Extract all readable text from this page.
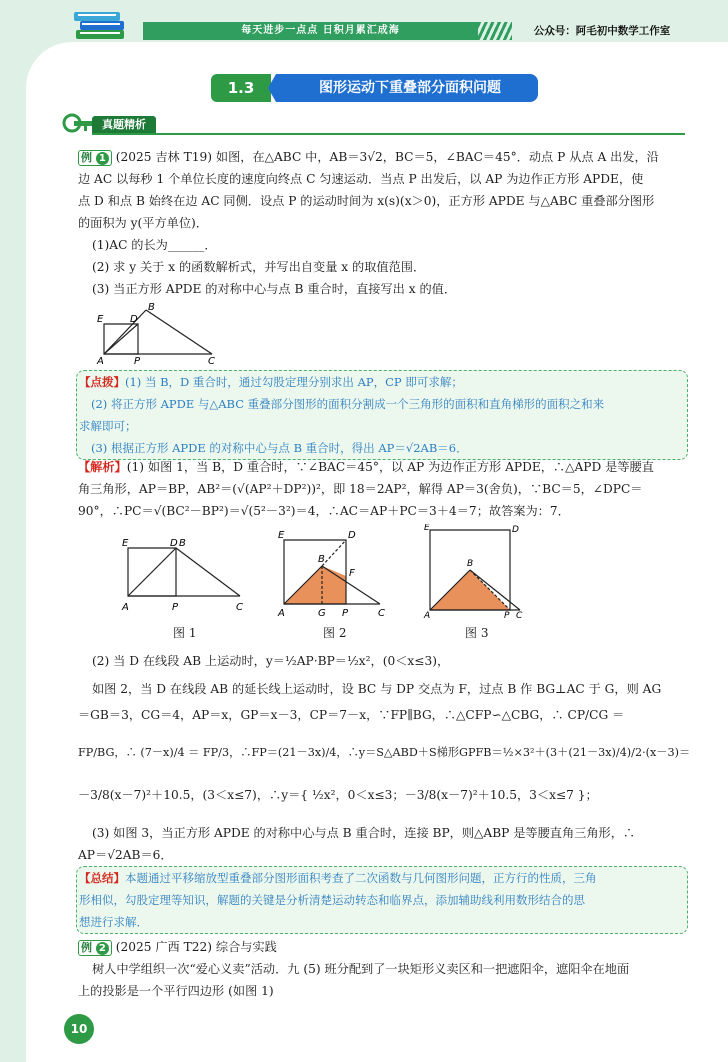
每天进步一点点 日积月累汇成海	公众号：阿毛初中数学工作室
1.3	图形运动下重叠部分面积问题
真题精析
例 1 (2025 吉林 T19) 如图，在△ABC 中，AB＝3√2，BC＝5，∠BAC＝45°．动点 P 从点 A 出发，沿
边 AC 以每秒 1 个单位长度的速度向终点 C 匀速运动．当点 P 出发后，以 AP 为边作正方形 APDE，使
点 D 和点 B 始终在边 AC 同侧．设点 P 的运动时间为 x(s)(x＞0)，正方形 APDE 与△ABC 重叠部分图形
的面积为 y(平方单位)．
(1)AC 的长为______．
(2) 求 y 关于 x 的函数解析式，并写出自变量 x 的取值范围．
(3) 当正方形 APDE 的对称中心与点 B 重合时，直接写出 x 的值．
A	P	C
E	D
B
【点拨】(1) 当 B，D 重合时，通过勾股定理分别求出 AP，CP 即可求解；
(2) 将正方形 APDE 与△ABC 重叠部分图形的面积分割成一个三角形的面积和直角梯形的面积之和来
求解即可；
(3) 根据正方形 APDE 的对称中心与点 B 重合时，得出 AP＝√2AB＝6．
【解析】(1) 如图 1，当 B，D 重合时，∵∠BAC＝45°，以 AP 为边作正方形 APDE，∴△APD 是等腰直
角三角形，AP＝BP，AB²＝(√(AP²＋DP²))²，即 18＝2AP²，解得 AP＝3(舍负)，∵BC＝5，∠DPC＝
90°，∴PC＝√(BC²－BP²)＝√(5²－3²)＝4，∴AC＝AP＋PC＝3＋4＝7；故答案为：7．
A	P	C
E	D B
A	G P	C
E	D
B
F
A	P C
E	D
B
图 1	图 2	图 3
(2) 当 D 在线段 AB 上运动时，y＝½AP·BP＝½x²，(0＜x≤3)，
如图 2，当 D 在线段 AB 的延长线上运动时，设 BC 与 DP 交点为 F，过点 B 作 BG⊥AC 于 G，则 AG
＝GB＝3，CG＝4，AP＝x，GP＝x－3，CP＝7－x，∵FP∥BG，∴△CFP∽△CBG，∴ CP/CG ＝
FP/BG，∴ (7－x)/4 ＝ FP/3，∴FP＝(21－3x)/4，∴y＝S△ABD＋S梯形GPFB＝½×3²＋(3＋(21－3x)/4)/2·(x－3)＝
－3/8(x－7)²＋10.5，(3＜x≤7)，∴y＝{ ½x²，0＜x≤3；－3/8(x－7)²＋10.5，3＜x≤7 }；
(3) 如图 3，当正方形 APDE 的对称中心与点 B 重合时，连接 BP，则△ABP 是等腰直角三角形，∴
AP＝√2AB＝6．
【总结】本题通过平移缩放型重叠部分图形面积考查了二次函数与几何图形问题，正方行的性质，三角
形相似，勾股定理等知识，解题的关键是分析清楚运动转态和临界点，添加辅助线利用数形结合的思
想进行求解．
例 2 (2025 广西 T22) 综合与实践
树人中学组织一次“爱心义卖”活动．九 (5) 班分配到了一块矩形义卖区和一把遮阳伞，遮阳伞在地面
上的投影是一个平行四边形 (如图 1)
10
